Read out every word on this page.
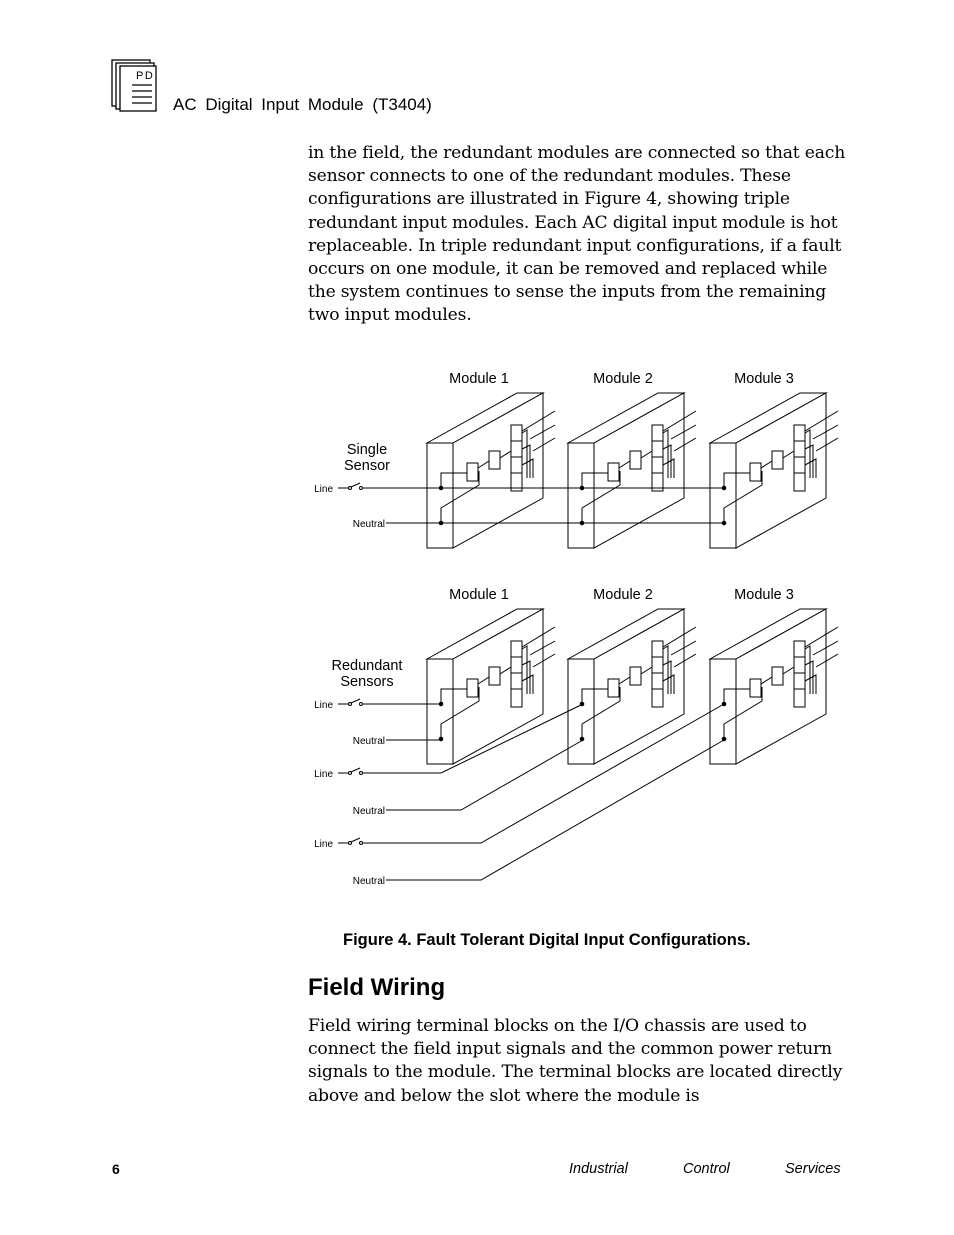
PD
AC Digital Input Module (T3404)
in the field, the redundant modules are connected so that each sensor connects to one of the redundant modules. These configurations are illustrated in Figure 4, showing triple redundant input modules. Each AC digital input module is hot replaceable. In triple redundant input configurations, if a fault occurs on one module, it can be removed and replaced while the system continues to sense the inputs from the remaining two input modules.
Module 1
Module 1
Module 2
Module 2
Module 3
Module 3
Single
Sensor
Redundant
Sensors
Line
Line
Line
Line
Neutral
Neutral
Neutral
Neutral
Figure 4. Fault Tolerant Digital Input Configurations.
Field Wiring
Field wiring terminal blocks on the I/O chassis are used to connect the field input signals and the common power return signals to the module. The terminal blocks are located directly above and below the slot where the module is
6	Industrial	Control	Services
